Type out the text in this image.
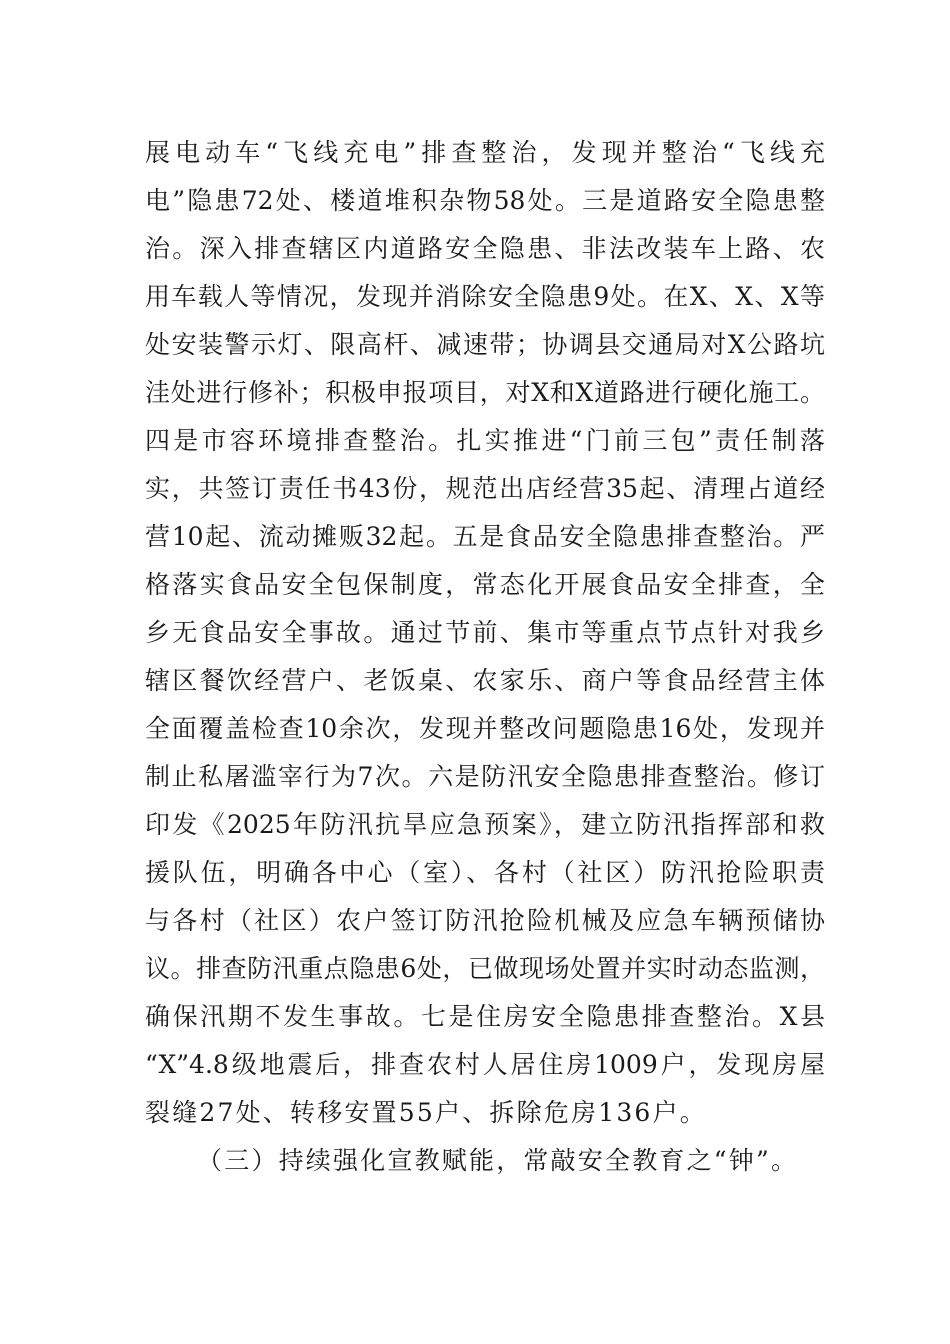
展电动车“飞线充电”排查整治，发现并整治“飞线充
电”隐患72处、楼道堆积杂物58处。三是道路安全隐患整
治。深入排查辖区内道路安全隐患、非法改装车上路、农
用车载人等情况，发现并消除安全隐患9处。在X、X、X等
处安装警示灯、限高杆、减速带；协调县交通局对X公路坑
洼处进行修补；积极申报项目，对X和X道路进行硬化施工。
四是市容环境排查整治。扎实推进“门前三包”责任制落
实，共签订责任书43份，规范出店经营35起、清理占道经
营10起、流动摊贩32起。五是食品安全隐患排查整治。严
格落实食品安全包保制度，常态化开展食品安全排查，全
乡无食品安全事故。通过节前、集市等重点节点针对我乡
辖区餐饮经营户、老饭桌、农家乐、商户等食品经营主体
全面覆盖检查10余次，发现并整改问题隐患16处，发现并
制止私屠滥宰行为7次。六是防汛安全隐患排查整治。修订
印发《2025年防汛抗旱应急预案》，建立防汛指挥部和救
援队伍，明确各中心（室）、各村（社区）防汛抢险职责
与各村（社区）农户签订防汛抢险机械及应急车辆预储协
议。排查防汛重点隐患6处，已做现场处置并实时动态监测，
确保汛期不发生事故。七是住房安全隐患排查整治。X县
“X”4.8级地震后，排查农村人居住房1009户，发现房屋
裂缝27处、转移安置55户、拆除危房136户。
（三）持续强化宣教赋能，常敲安全教育之“钟”。
